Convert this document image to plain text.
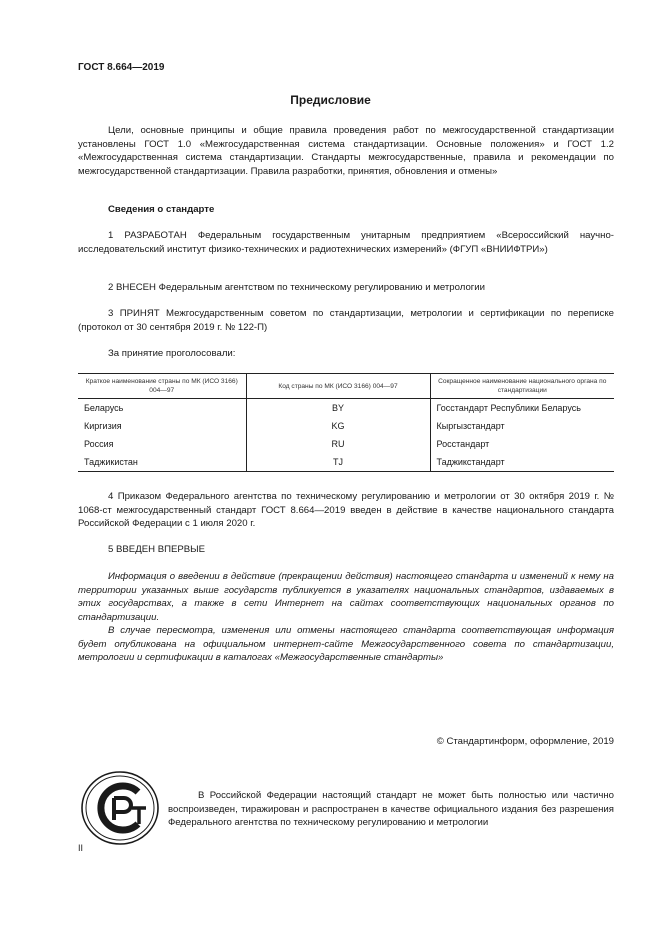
ГОСТ 8.664—2019
Предисловие

Цели, основные принципы и общие правила проведения работ по межгосударственной стандартизации установлены ГОСТ 1.0 «Межгосударственная система стандартизации. Основные положения» и ГОСТ 1.2 «Межгосударственная система стандартизации. Стандарты межгосударственные, правила и рекомендации по межгосударственной стандартизации. Правила разработки, принятия, обновления и отмены»

Сведения о стандарте

1 РАЗРАБОТАН Федеральным государственным унитарным предприятием «Всероссийский научно-исследовательский институт физико-технических и радиотехнических измерений» (ФГУП «ВНИИФТРИ»)

2 ВНЕСЕН Федеральным агентством по техническому регулированию и метрологии

3 ПРИНЯТ Межгосударственным советом по стандартизации, метрологии и сертификации по переписке (протокол от 30 сентября 2019 г. № 122-П)

За принятие проголосовали:

Краткое наименование страны по МК (ИСО 3166) 004—97	Код страны по МК (ИСО 3166) 004—97	Сокращенное наименование национального органа по стандартизации
Беларусь	BY	Госстандарт Республики Беларусь
Киргизия	KG	Кыргызстандарт
Россия	RU	Росстандарт
Таджикистан	TJ	Таджикстандарт

4 Приказом Федерального агентства по техническому регулированию и метрологии от 30 октября 2019 г. № 1068-ст межгосударственный стандарт ГОСТ 8.664—2019 введен в действие в качестве национального стандарта Российской Федерации с 1 июля 2020 г.

5 ВВЕДЕН ВПЕРВЫЕ

Информация о введении в действие (прекращении действия) настоящего стандарта и изменений к нему на территории указанных выше государств публикуется в указателях национальных стандартов, издаваемых в этих государствах, а также в сети Интернет на сайтах соответствующих национальных органов по стандартизации.

В случае пересмотра, изменения или отмены настоящего стандарта соответствующая информация будет опубликована на официальном интернет-сайте Межгосударственного совета по стандартизации, метрологии и сертификации в каталогах «Межгосударственные стандарты»

© Стандартинформ, оформление, 2019

В Российской Федерации настоящий стандарт не может быть полностью или частично воспроизведен, тиражирован и распространен в качестве официального издания без разрешения Федерального агентства по техническому регулированию и метрологии

II
